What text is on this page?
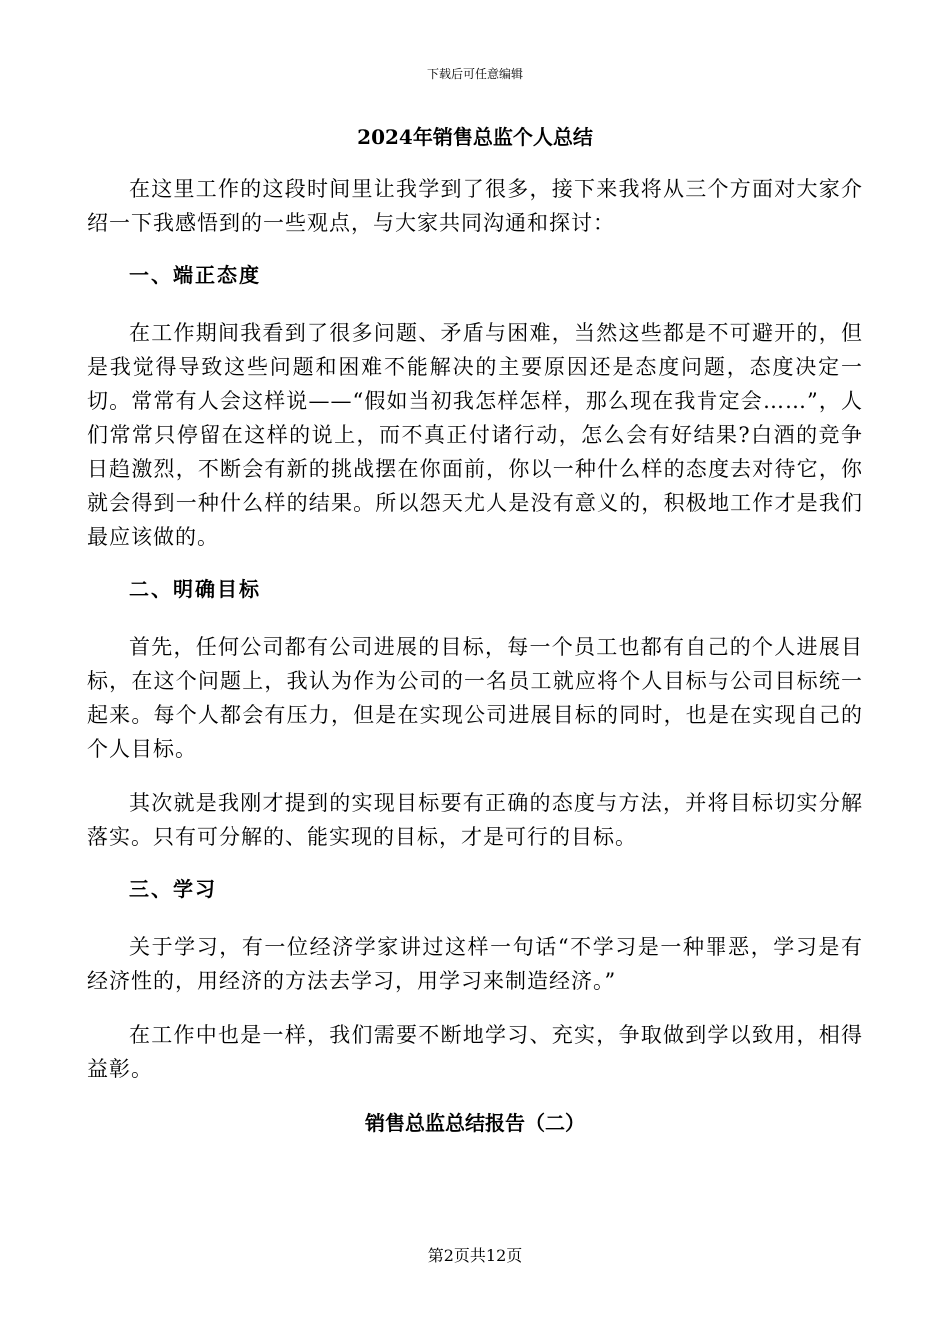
下载后可任意编辑
2024年销售总监个人总结

在这里工作的这段时间里让我学到了很多，接下来我将从三个方面对大家介绍一下我感悟到的一些观点，与大家共同沟通和探讨：

一、端正态度

在工作期间我看到了很多问题、矛盾与困难，当然这些都是不可避开的，但是我觉得导致这些问题和困难不能解决的主要原因还是态度问题，态度决定一切。常常有人会这样说——“假如当初我怎样怎样，那么现在我肯定会……”，人们常常只停留在这样的说上，而不真正付诸行动，怎么会有好结果?白酒的竞争日趋激烈，不断会有新的挑战摆在你面前，你以一种什么样的态度去对待它，你就会得到一种什么样的结果。所以怨天尤人是没有意义的，积极地工作才是我们最应该做的。

二、明确目标

首先，任何公司都有公司进展的目标，每一个员工也都有自己的个人进展目标，在这个问题上，我认为作为公司的一名员工就应将个人目标与公司目标统一起来。每个人都会有压力，但是在实现公司进展目标的同时，也是在实现自己的个人目标。

其次就是我刚才提到的实现目标要有正确的态度与方法，并将目标切实分解落实。只有可分解的、能实现的目标，才是可行的目标。

三、学习

关于学习，有一位经济学家讲过这样一句话“不学习是一种罪恶，学习是有经济性的，用经济的方法去学习，用学习来制造经济。”

在工作中也是一样，我们需要不断地学习、充实，争取做到学以致用，相得益彰。

销售总监总结报告（二）
第2页共12页
